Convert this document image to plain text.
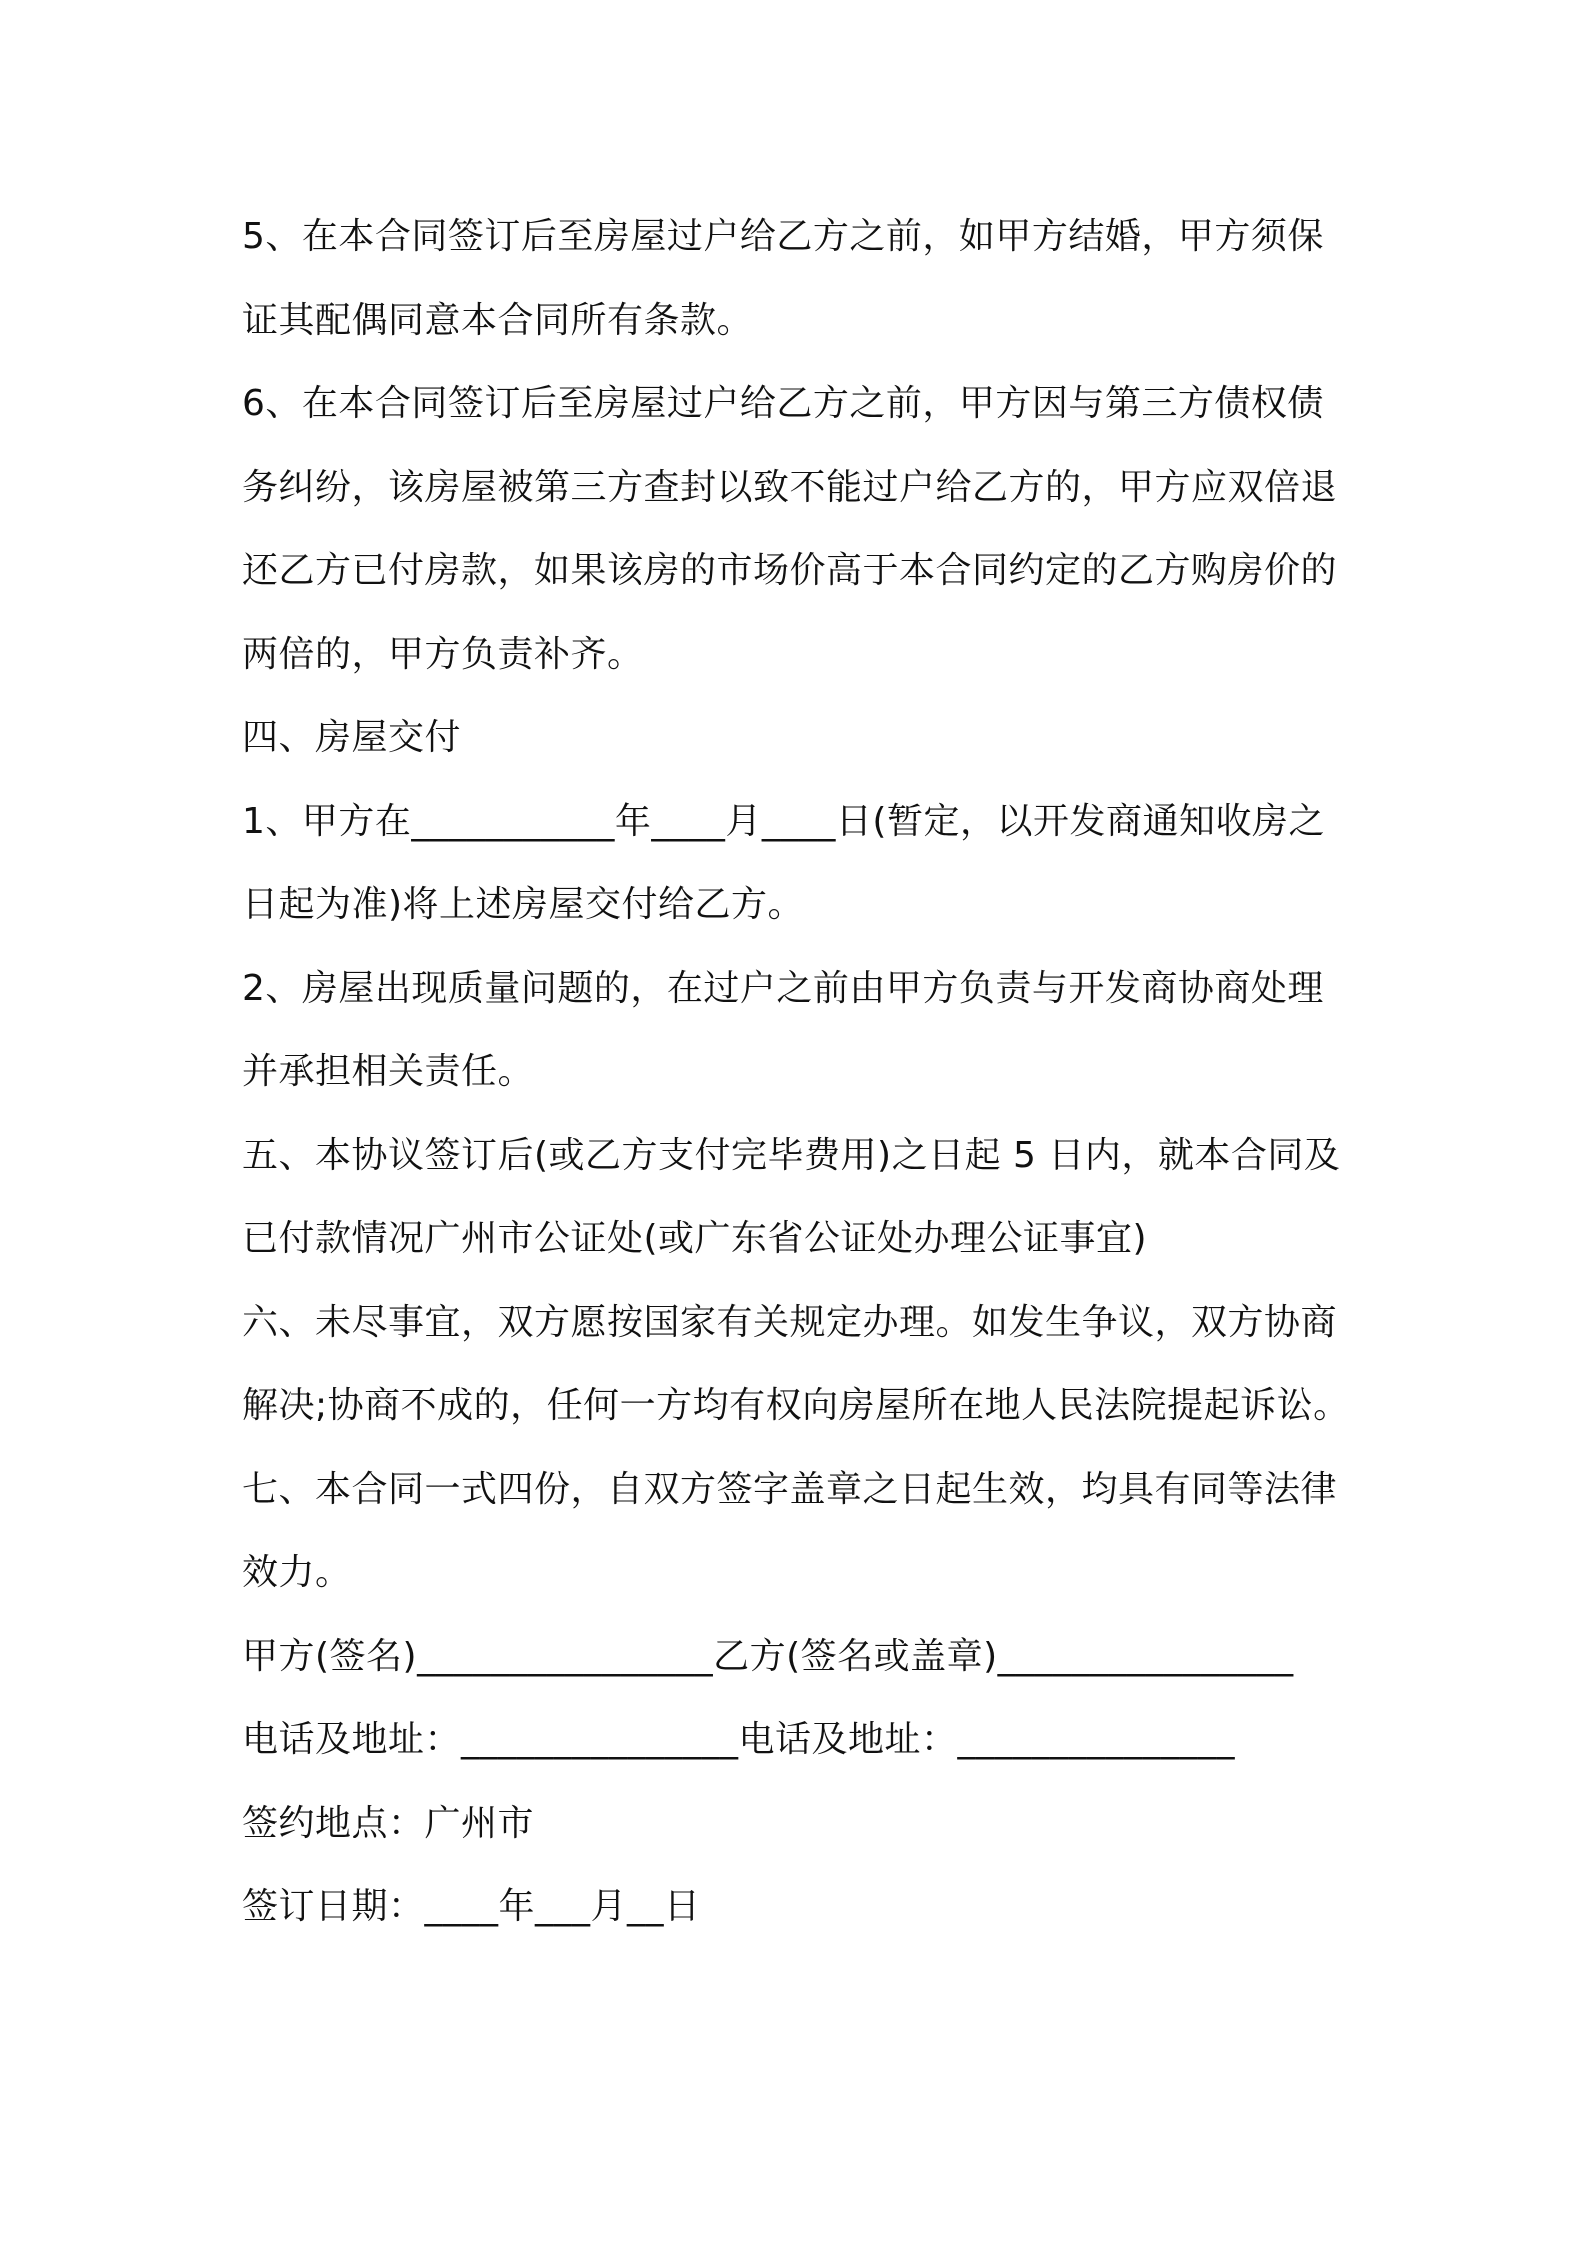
5、在本合同签订后至房屋过户给乙方之前，如甲方结婚，甲方须保
证其配偶同意本合同所有条款。
6、在本合同签订后至房屋过户给乙方之前，甲方因与第三方债权债
务纠纷，该房屋被第三方查封以致不能过户给乙方的，甲方应双倍退
还乙方已付房款，如果该房的市场价高于本合同约定的乙方购房价的
两倍的，甲方负责补齐。
四、房屋交付
1、甲方在___________年____月____日(暂定，以开发商通知收房之
日起为准)将上述房屋交付给乙方。
2、房屋出现质量问题的，在过户之前由甲方负责与开发商协商处理
并承担相关责任。
五、本协议签订后(或乙方支付完毕费用)之日起 5 日内，就本合同及
已付款情况广州市公证处(或广东省公证处办理公证事宜)
六、未尽事宜，双方愿按国家有关规定办理。如发生争议，双方协商
解决;协商不成的，任何一方均有权向房屋所在地人民法院提起诉讼。
七、本合同一式四份，自双方签字盖章之日起生效，均具有同等法律
效力。
甲方(签名)________________乙方(签名或盖章)________________
电话及地址：_______________电话及地址：_______________
签约地点：广州市
签订日期：____年___月__日
